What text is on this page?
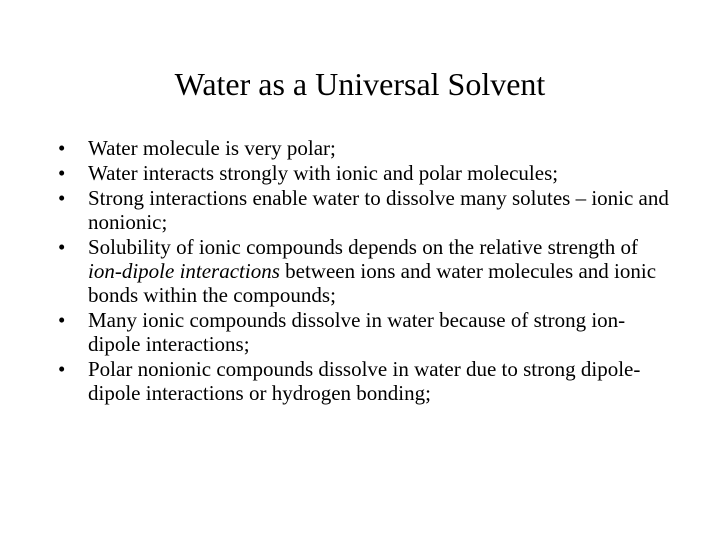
Water as a Universal Solvent
•	Water molecule is very polar;
•	Water interacts strongly with ionic and polar molecules;
•	Strong interactions enable water to dissolve many solutes – ionic and nonionic;
•	Solubility of ionic compounds depends on the relative strength of ion-dipole interactions between ions and water molecules and ionic bonds within the compounds;
•	Many ionic compounds dissolve in water because of strong ion-dipole interactions;
•	Polar nonionic compounds dissolve in water due to strong dipole-dipole interactions or hydrogen bonding;
